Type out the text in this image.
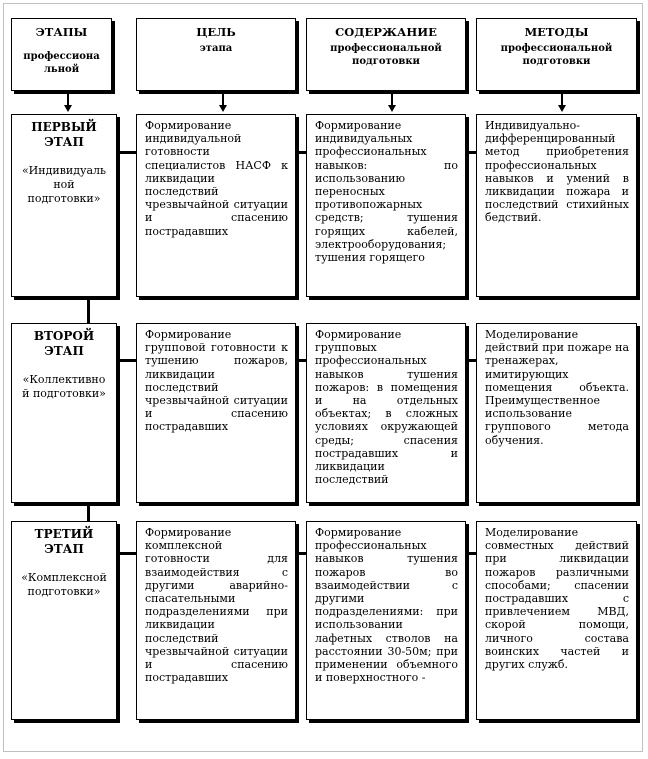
ЭТАПЫ
профессиона льной
ЦЕЛЬ
этапа
СОДЕРЖАНИЕ
профессиональной подготовки
МЕТОДЫ
профессиональной подготовки
ПЕРВЫЙ ЭТАП
«Индивидуаль ной подготовки»
Формирование индивидуальной готовности специалистов НАСФ к ликвидации последствий чрезвычайной ситуации и спасению пострадавших
Формирование индивидуальных профессиональных навыков: по использованию переносных противопожарных средств; тушения горящих кабелей, электрооборудования; тушения горящего
Индивидуально-дифференцированный метод приобретения профессиональных навыков и умений в ликвидации пожара и последствий стихийных бедствий.
ВТОРОЙ ЭТАП
«Коллективно й подготовки»
Формирование групповой готовности к тушению пожаров, ликвидации последствий чрезвычайной ситуации и спасению пострадавших
Формирование групповых профессиональных навыков тушения пожаров: в помещения и на отдельных объектах; в сложных условиях окружающей среды; спасения пострадавших и ликвидации последствий
Моделирование действий при пожаре на тренажерах, имитирующих помещения объекта. Преимущественное использование группового метода обучения.
ТРЕТИЙ ЭТАП
«Комплексной подготовки»
Формирование комплексной готовности для взаимодействия с другими аварийно-спасательными подразделениями при ликвидации последствий чрезвычайной ситуации и спасению пострадавших
Формирование профессиональных навыков тушения пожаров во взаимодействии с другими подразделениями: при использовании лафетных стволов на расстоянии 30-50м; при применении объемного и поверхностного -
Моделирование совместных действий при ликвидации пожаров различными способами; спасении пострадавших с привлечением МВД, скорой помощи, личного состава воинских частей и других служб.
